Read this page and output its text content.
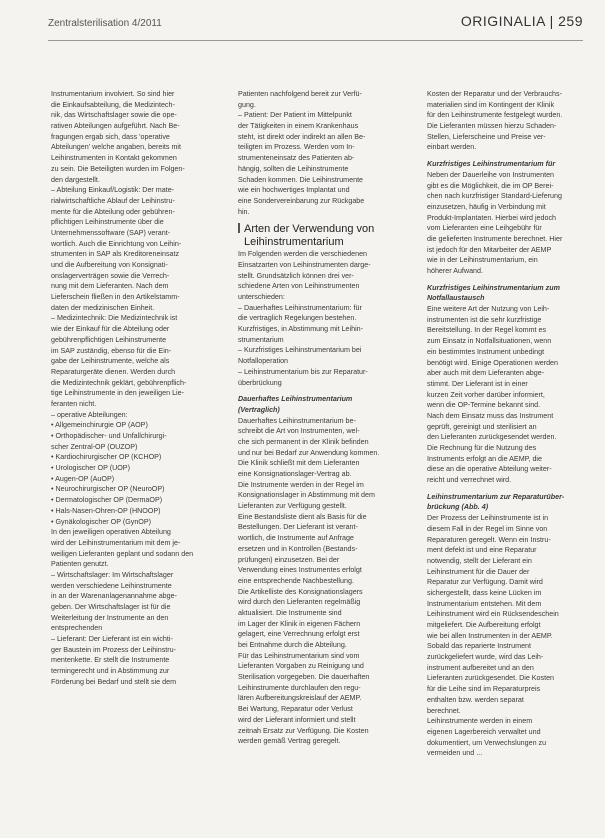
Zentralsterilisation 4/2011	ORIGINALIA | 259
Instrumentarium involviert. So sind hier
die Einkaufsabteilung, die Medizintech-
nik, das Wirtschaftslager sowie die ope-
rativen Abteilungen aufgeführt. Nach Be-
fragungen ergab sich, dass 'operative
Abteilungen' welche angaben, bereits mit
Leihinstrumenten in Kontakt gekommen
zu sein. Die Beteiligten wurden im Folgen-
den dargestellt.
– Abteilung Einkauf/Logistik: Der mate-
rialwirtschaftliche Ablauf der Leihinstru-
mente für die Abteilung oder gebühren-
pflichtigen Leihinstrumente über die
Unternehmenssoftware (SAP) verant-
wortlich. Auch die Einrichtung von Leihin-
strumenten in SAP als Kreditoreneinsatz
und die Aufbereitung von Konsignati-
onslagerverträgen sowie die Verrech-
nung mit dem Lieferanten. Nach dem
Lieferschein fließen in den Artikelstamm-
daten der medizinischen Einheit.
– Medizintechnik: Die Medizintechnik ist
wie der Einkauf für die Abteilung oder
gebührenpflichtigen Leihinstrumente
im SAP zuständig, ebenso für die Ein-
gabe der Leihinstrumente, welche als
Reparaturgeräte dienen. Werden durch
die Medizintechnik geklärt, gebührenpflich-
tige Leihinstrumente in den jeweiligen Lie-
feranten nicht.
– operative Abteilungen:
• Allgemeinchirurgie OP (AOP)
• Orthopädischer- und Unfallchirurgi-
scher Zentral-OP (OUZOP)
• Kardiochirurgischer OP (KCHOP)
• Urologischer OP (UOP)
• Augen-OP (AuOP)
• Neurochirurgischer OP (NeuroOP)
• Dermatologischer OP (DermaOP)
• Hals-Nasen-Ohren-OP (HNOOP)
• Gynäkologischer OP (GynOP)
In den jeweiligen operativen Abteilung
wird der Leihinstrumentarium mit dem je-
weiligen Lieferanten geplant und sodann den
Patienten genutzt.
– Wirtschaftslager: Im Wirtschaftslager
werden verschiedene Leihinstrumente
in an der Warenanlagenannahme abge-
geben. Der Wirtschaftslager ist für die
Weiterleitung der Instrumente an den
entsprechenden
– Lieferant: Der Lieferant ist ein wichti-
ger Baustein im Prozess der Leihinstru-
mentenkette. Er stellt die Instrumente
termingerecht und in Abstimmung zur
Förderung bei Bedarf und stellt sie dem
Patienten nachfolgend bereit zur Verfü-
gung.
– Patient: Der Patient im Mittelpunkt
der Tätigkeiten in einem Krankenhaus
steht, ist direkt oder indirekt an allen Be-
teiligten im Prozess. Werden vom In-
strumenteneinsatz des Patienten ab-
hängig, sollten die Leihinstrumente
Schaden kommen. Die Leihinstrumente
wie ein hochwertiges Implantat und
eine Sondervereinbarung zur Rückgabe
hin.
Arten der Verwendung von
Leihinstrumentarium
Im Folgenden werden die verschiedenen
Einsatzarten von Leihinstrumenten darge-
stellt. Grundsätzlich können drei ver-
schiedene Arten von Leihinstrumenten
unterschieden:
– Dauerhaftes Leihinstrumentarium: für
die vertraglich Regelungen bestehen.
Kurzfristiges, in Abstimmung mit Leihin-
strumentarium
– Kurzfristiges Leihinstrumentarium bei
Notfalloperation
– Leihinstrumentarium bis zur Reparatur-
überbrückung
Dauerhaftes Leihinstrumentarium
(Vertraglich)
Dauerhaftes Leihinstrumentarium be-
schreibt die Art von Instrumenten, wel-
che sich permanent in der Klinik befinden
und nur bei Bedarf zur Anwendung kommen.
Die Klinik schließt mit dem Lieferanten
eine Konsignationslager-Vertrag ab.
Die Instrumente werden in der Regel im
Konsignationslager in Abstimmung mit dem
Lieferanten zur Verfügung gestellt.
Eine Bestandsliste dient als Basis für die
Bestellungen. Der Lieferant ist verant-
wortlich, die Instrumente auf Anfrage
ersetzen und in Kontrollen (Bestands-
prüfungen) einzusetzen. Bei der
Verwendung eines Instrumentes erfolgt
eine entsprechende Nachbestellung.
Die Artikelliste des Konsignationslagers
wird durch den Lieferanten regelmäßig
aktualisiert. Die Instrumente sind
im Lager der Klinik in eigenen Fächern
gelagert, eine Verrechnung erfolgt erst
bei Entnahme durch die Abteilung.
Für das Leihinstrumentarium sind vom
Lieferanten Vorgaben zu Reinigung und
Sterilisation vorgegeben. Die dauerhaften
Leihinstrumente durchlaufen den regu-
lären Aufbereitungskreislauf der AEMP.
Bei Wartung, Reparatur oder Verlust
wird der Lieferant informiert und stellt
zeitnah Ersatz zur Verfügung. Die Kosten
werden gemäß Vertrag geregelt.
Kosten der Reparatur und der Verbrauchs-
materialien sind im Kontingent der Klinik
für den Leihinstrumente festgelegt wurden.
Die Lieferanten müssen hierzu Schaden-
Stellen, Lieferscheine und Preise ver-
einbart werden.
Kurzfristiges Leihinstrumentarium für
Neben der Dauerleihe von Instrumenten
gibt es die Möglichkeit, die im OP Berei-
chen nach kurzfristiger Standard-Lieferung
einzusetzen, häufig in Verbindung mit
Produkt-Implantaten. Hierbei wird jedoch
vom Lieferanten eine Leihgebühr für
die gelieferten Instrumente berechnet. Hier
ist jedoch für den Mitarbeiter der AEMP
wie in der Leihinstrumentarium, ein
höherer Aufwand.
Kurzfristiges Leihinstrumentarium zum
Notfallaustausch
Eine weitere Art der Nutzung von Leih-
instrumenten ist die sehr kurzfristige
Bereitstellung. In der Regel kommt es
zum Einsatz in Notfallsituationen, wenn
ein bestimmtes Instrument unbedingt
benötigt wird. Einige Operationen werden
aber auch mit dem Lieferanten abge-
stimmt. Der Lieferant ist in einer
kurzen Zeit vorher darüber informiert,
wenn die OP-Termine bekannt sind.
Nach dem Einsatz muss das Instrument
geprüft, gereinigt und sterilisiert an
den Lieferanten zurückgesendet werden.
Die Rechnung für die Nutzung des
Instruments erfolgt an die AEMP, die
diese an die operative Abteilung weiter-
reicht und verrechnet wird.
Leihinstrumentarium zur Reparaturüber-
brückung (Abb. 4)
Der Prozess der Leihinstrumente ist in
diesem Fall in der Regel im Sinne von
Reparaturen geregelt. Wenn ein Instru-
ment defekt ist und eine Reparatur
notwendig, stellt der Lieferant ein
Leihinstrument für die Dauer der
Reparatur zur Verfügung. Damit wird
sichergestellt, dass keine Lücken im
Instrumentarium entstehen. Mit dem
Leihinstrument wird ein Rücksendeschein
mitgeliefert. Die Aufbereitung erfolgt
wie bei allen Instrumenten in der AEMP.
Sobald das reparierte Instrument
zurückgeliefert wurde, wird das Leih-
instrument aufbereitet und an den
Lieferanten zurückgesendet. Die Kosten
für die Leihe sind im Reparaturpreis
enthalten bzw. werden separat
berechnet.
Leihinstrumente werden in einem
eigenen Lagerbereich verwaltet und
dokumentiert, um Verwechslungen zu
vermeiden und ...
